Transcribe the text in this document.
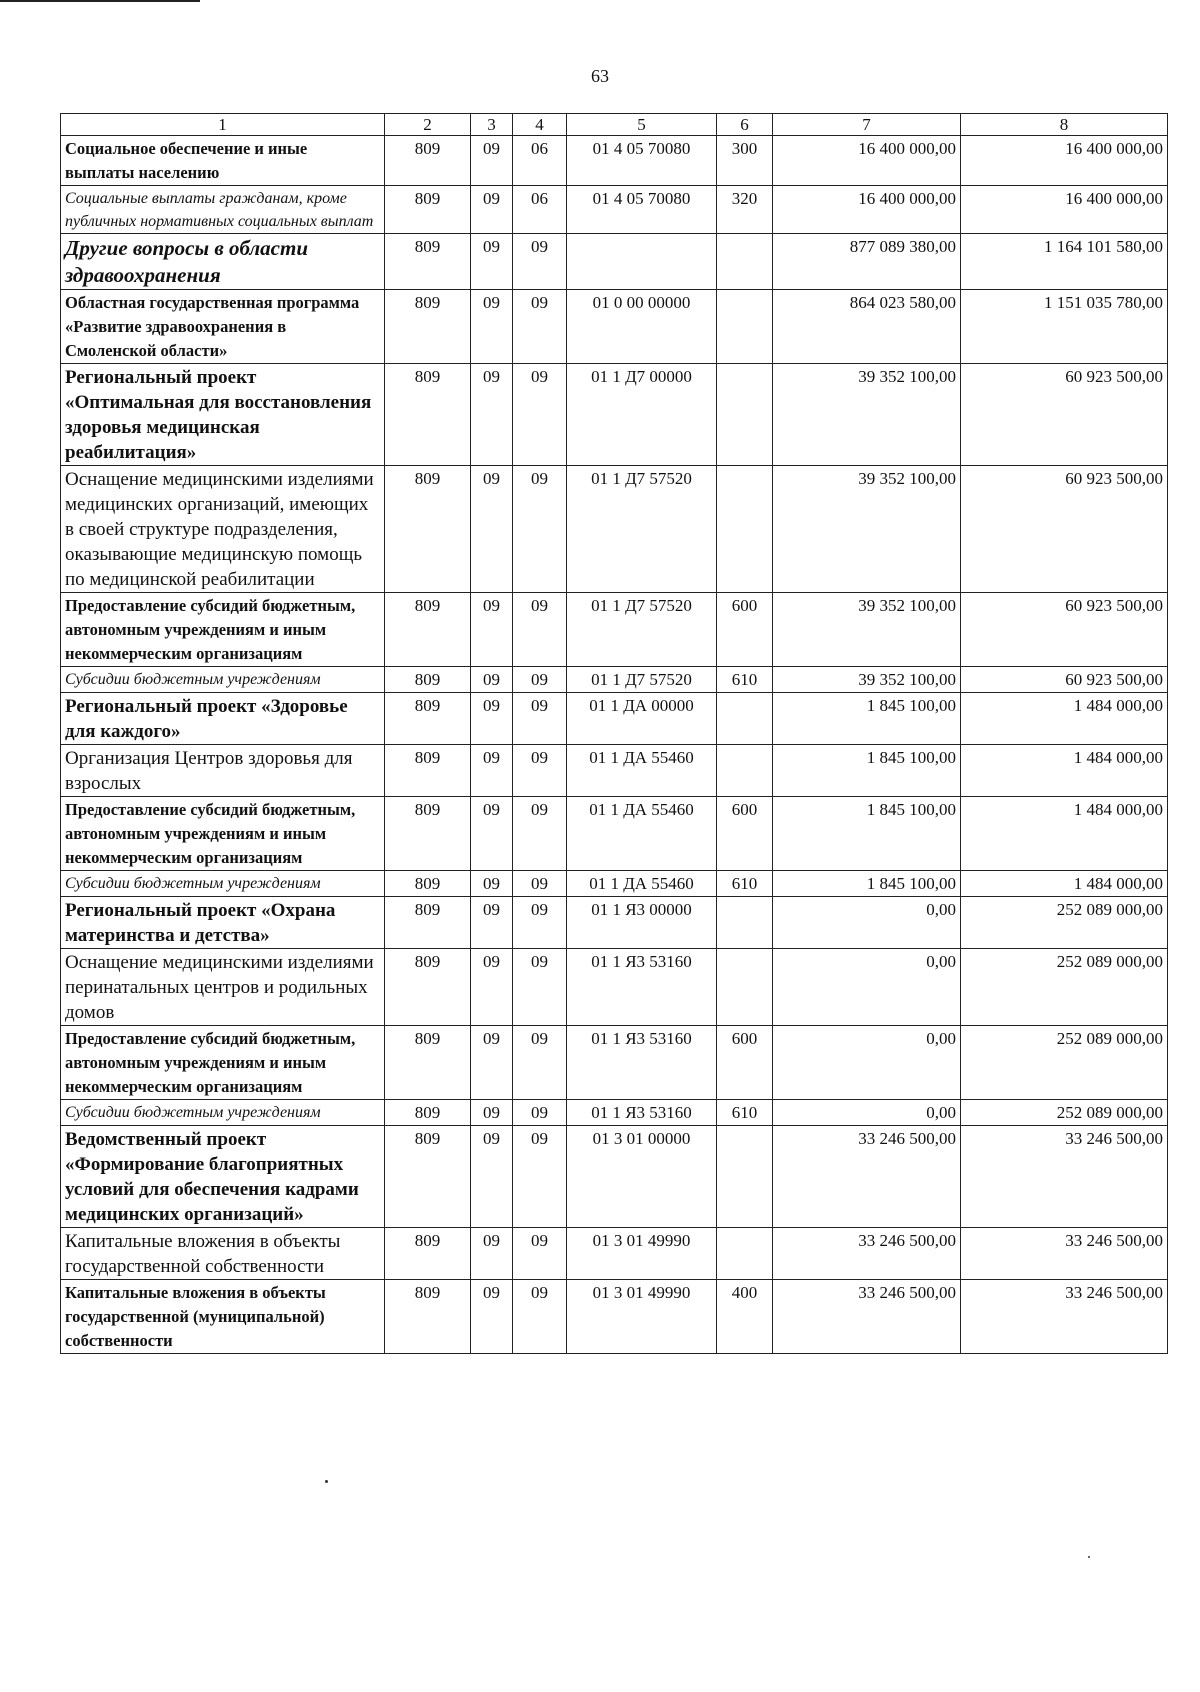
63
1	2	3	4	5	6	7	8
Социальное обеспечение и иные выплаты населению	809	09	06	01 4 05 70080	300	16 400 000,00	16 400 000,00
Социальные выплаты гражданам, кроме публичных нормативных социальных выплат	809	09	06	01 4 05 70080	320	16 400 000,00	16 400 000,00
Другие вопросы в области здравоохранения	809	09	09			877 089 380,00	1 164 101 580,00
Областная государственная программа «Развитие здравоохранения в Смоленской области»	809	09	09	01 0 00 00000		864 023 580,00	1 151 035 780,00
Региональный проект «Оптимальная для восстановления здоровья медицинская реабилитация»	809	09	09	01 1 Д7 00000		39 352 100,00	60 923 500,00
Оснащение медицинскими изделиями медицинских организаций, имеющих в своей структуре подразделения, оказывающие медицинскую помощь по медицинской реабилитации	809	09	09	01 1 Д7 57520		39 352 100,00	60 923 500,00
Предоставление субсидий бюджетным, автономным учреждениям и иным некоммерческим организациям	809	09	09	01 1 Д7 57520	600	39 352 100,00	60 923 500,00
Субсидии бюджетным учреждениям	809	09	09	01 1 Д7 57520	610	39 352 100,00	60 923 500,00
Региональный проект «Здоровье для каждого»	809	09	09	01 1 ДА 00000		1 845 100,00	1 484 000,00
Организация Центров здоровья для взрослых	809	09	09	01 1 ДА 55460		1 845 100,00	1 484 000,00
Предоставление субсидий бюджетным, автономным учреждениям и иным некоммерческим организациям	809	09	09	01 1 ДА 55460	600	1 845 100,00	1 484 000,00
Субсидии бюджетным учреждениям	809	09	09	01 1 ДА 55460	610	1 845 100,00	1 484 000,00
Региональный проект «Охрана материнства и детства»	809	09	09	01 1 Я3 00000		0,00	252 089 000,00
Оснащение медицинскими изделиями перинатальных центров и родильных домов	809	09	09	01 1 Я3 53160		0,00	252 089 000,00
Предоставление субсидий бюджетным, автономным учреждениям и иным некоммерческим организациям	809	09	09	01 1 Я3 53160	600	0,00	252 089 000,00
Субсидии бюджетным учреждениям	809	09	09	01 1 Я3 53160	610	0,00	252 089 000,00
Ведомственный проект «Формирование благоприятных условий для обеспечения кадрами медицинских организаций»	809	09	09	01 3 01 00000		33 246 500,00	33 246 500,00
Капитальные вложения в объекты государственной собственности	809	09	09	01 3 01 49990		33 246 500,00	33 246 500,00
Капитальные вложения в объекты государственной (муниципальной) собственности	809	09	09	01 3 01 49990	400	33 246 500,00	33 246 500,00
